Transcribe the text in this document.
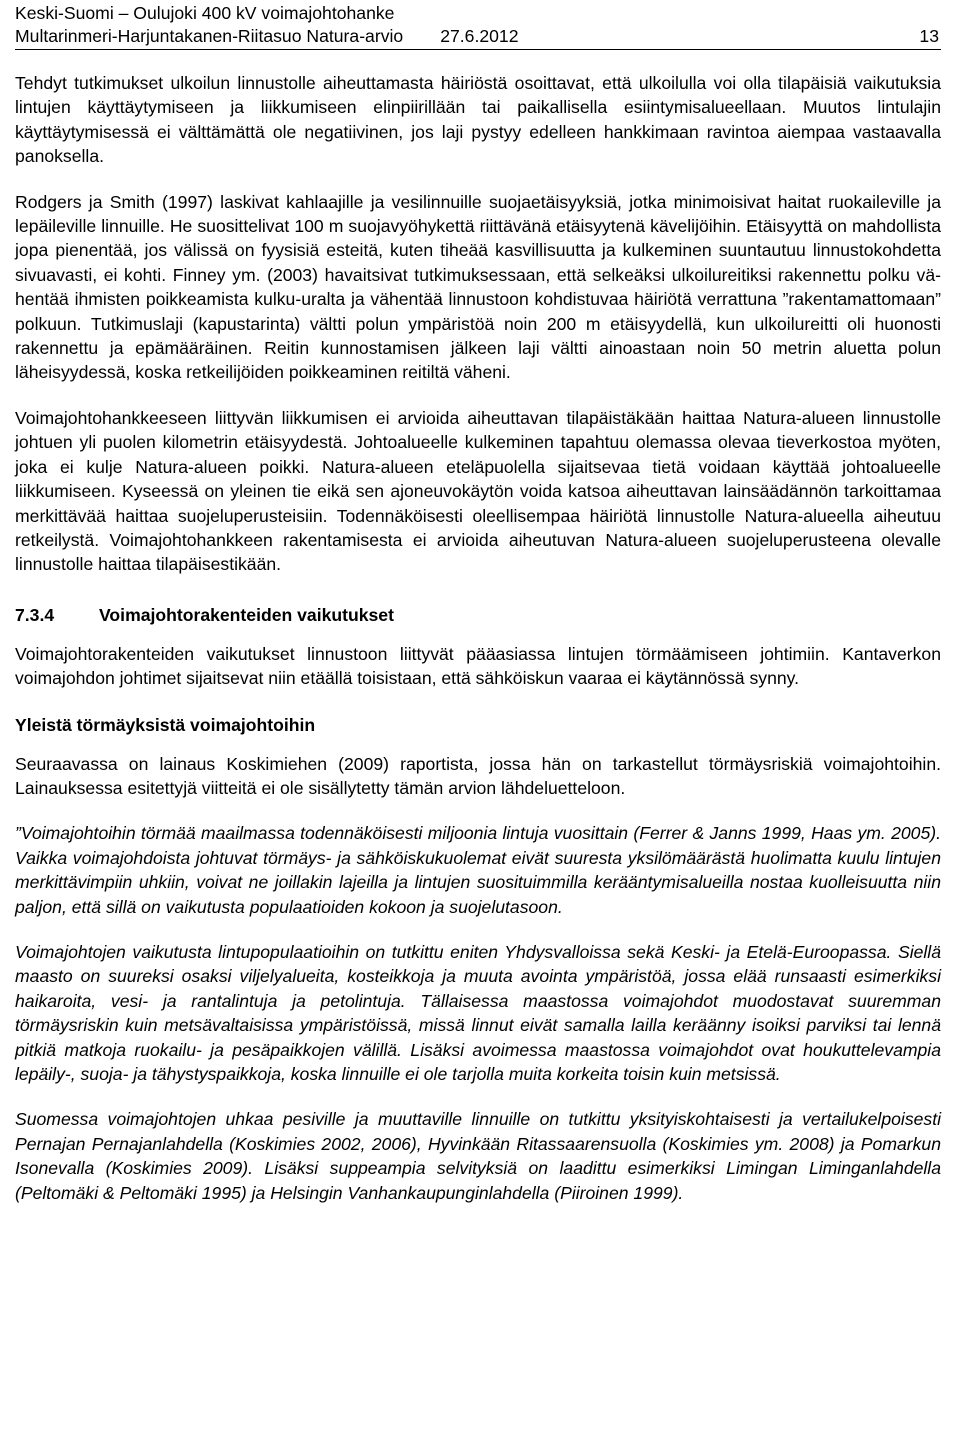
Keski-Suomi – Oulujoki 400 kV voimajohtohanke
Multarinmeri-Harjuntakanen-Riitasuo Natura-arvio 27.6.2012	13

Tehdyt tutkimukset ulkoilun linnustolle aiheuttamasta häiriöstä osoittavat, että ulkoilulla voi olla tilapäisiä vaikutuksia lintujen käyttäytymiseen ja liikkumiseen elinpiirillään tai paikallisella esiintymisalueellaan. Muutos lintulajin käyttäytymisessä ei välttämättä ole negatiivinen, jos laji pystyy edelleen hankkimaan ravintoa aiempaa vastaavalla panoksella.

Rodgers ja Smith (1997) laskivat kahlaajille ja vesilinnuille suojaetäisyyksiä, jotka minimoisivat haitat ruokaileville ja lepäileville linnuille. He suosittelivat 100 m suojavyöhykettä riittävänä etäisyytenä kävelijöihin. Etäisyyttä on mahdollista jopa pienentää, jos välissä on fyysisiä esteitä, kuten tiheää kasvillisuutta ja kulkeminen suuntautuu linnustokohdetta sivuavasti, ei kohti. Finney ym. (2003) havaitsivat tutkimuksessaan, että selkeäksi ulkoilureitiksi rakennettu polku vähentää ihmisten poikkeamista kulku-uralta ja vähentää linnustoon kohdistuvaa häiriötä verrattuna ”rakentamattomaan” polkuun. Tutkimuslaji (kapustarinta) vältti polun ympäristöä noin 200 m etäisyydellä, kun ulkoilureitti oli huonosti rakennettu ja epämääräinen. Reitin kunnostamisen jälkeen laji vältti ainoastaan noin 50 metrin aluetta polun läheisyydessä, koska retkeilijöiden poikkeaminen reitiltä väheni.

Voimajohtohankkeeseen liittyvän liikkumisen ei arvioida aiheuttavan tilapäistäkään haittaa Natura-alueen linnustolle johtuen yli puolen kilometrin etäisyydestä. Johtoalueelle kulkeminen tapahtuu olemassa olevaa tieverkostoa myöten, joka ei kulje Natura-alueen poikki. Natura-alueen eteläpuolella sijaitsevaa tietä voidaan käyttää johtoalueelle liikkumiseen. Kyseessä on yleinen tie eikä sen ajoneuvokäytön voida katsoa aiheuttavan lainsäädännön tarkoittamaa merkittävää haittaa suojeluperusteisiin. Todennäköisesti oleellisempaa häiriötä linnustolle Natura-alueella aiheutuu retkeilystä. Voimajohtohankkeen rakentamisesta ei arvioida aiheutuvan Natura-alueen suojeluperusteena olevalle linnustolle haittaa tilapäisestikään.

7.3.4	Voimajohtorakenteiden vaikutukset

Voimajohtorakenteiden vaikutukset linnustoon liittyvät pääasiassa lintujen törmäämiseen johtimiin. Kantaverkon voimajohdon johtimet sijaitsevat niin etäällä toisistaan, että sähköiskun vaaraa ei käytännössä synny.

Yleistä törmäyksistä voimajohtoihin

Seuraavassa on lainaus Koskimiehen (2009) raportista, jossa hän on tarkastellut törmäysriskiä voimajohtoihin. Lainauksessa esitettyjä viitteitä ei ole sisällytetty tämän arvion lähdeluetteloon.

”Voimajohtoihin törmää maailmassa todennäköisesti miljoonia lintuja vuosittain (Ferrer & Janns 1999, Haas ym. 2005). Vaikka voimajohdoista johtuvat törmäys- ja sähköiskukuolemat eivät suuresta yksilömäärästä huolimatta kuulu lintujen merkittävimpiin uhkiin, voivat ne joillakin lajeilla ja lintujen suosituimmilla kerääntymisalueilla nostaa kuolleisuutta niin paljon, että sillä on vaikutusta populaatioiden kokoon ja suojelutasoon.

Voimajohtojen vaikutusta lintupopulaatioihin on tutkittu eniten Yhdysvalloissa sekä Keski- ja Etelä-Euroopassa. Siellä maasto on suureksi osaksi viljelyalueita, kosteikkoja ja muuta avointa ympäristöä, jossa elää runsaasti esimerkiksi haikaroita, vesi- ja rantalintuja ja petolintuja. Tällaisessa maastossa voimajohdot muodostavat suuremman törmäysriskin kuin metsävaltaisissa ympäristöissä, missä linnut eivät samalla lailla keräänny isoiksi parviksi tai lennä pitkiä matkoja ruokailu- ja pesäpaikkojen välillä. Lisäksi avoimessa maastossa voimajohdot ovat houkuttelevampia lepäily-, suoja- ja tähystyspaikkoja, koska linnuille ei ole tarjolla muita korkeita toisin kuin metsissä.

Suomessa voimajohtojen uhkaa pesiville ja muuttaville linnuille on tutkittu yksityiskohtaisesti ja vertailukelpoisesti Pernajan Pernajanlahdella (Koskimies 2002, 2006), Hyvinkään Ritassaarensuolla (Koskimies ym. 2008) ja Pomarkun Isonevalla (Koskimies 2009). Lisäksi suppeampia selvityksiä on laadittu esimerkiksi Limingan Liminganlahdella (Peltomäki & Peltomäki 1995) ja Helsingin Vanhankaupunginlahdella (Piiroinen 1999).
